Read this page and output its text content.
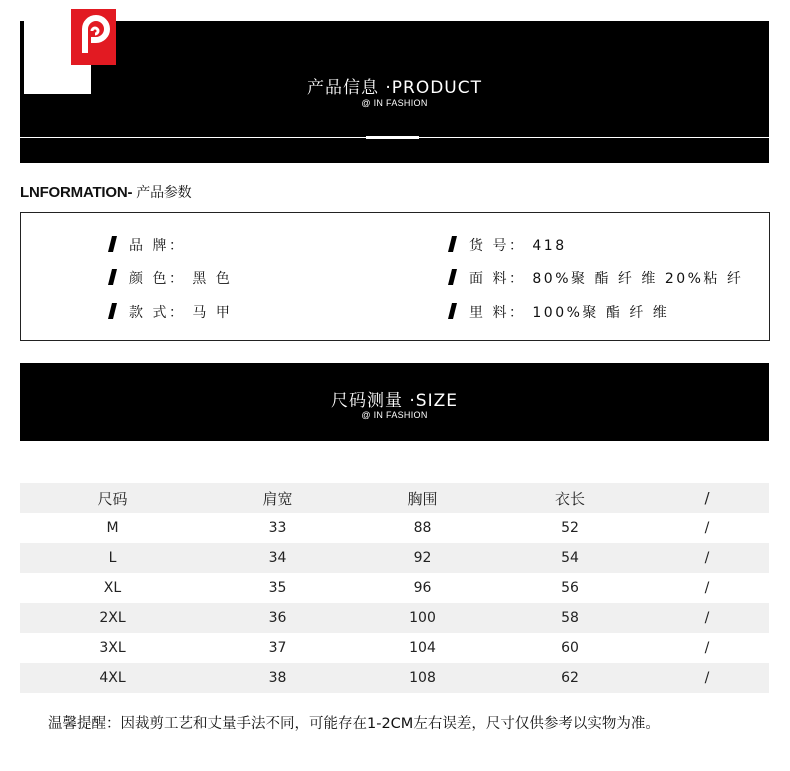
产品信息 ·PRODUCT
@ IN FASHION
LNFORMATION- 产品参数
品 牌：
颜 色： 黑 色
款 式： 马 甲
货 号： 418
面 料： 80%聚 酯 纤 维 20%粘 纤
里 料： 100%聚 酯 纤 维
尺码测量 ·SIZE
@ IN FASHION
尺码	肩宽	胸围	衣长	/
M	33	88	52	/
L	34	92	54	/
XL	35	96	56	/
2XL	36	100	58	/
3XL	37	104	60	/
4XL	38	108	62	/
温馨提醒：因裁剪工艺和丈量手法不同，可能存在1-2CM左右误差，尺寸仅供参考以实物为准。
